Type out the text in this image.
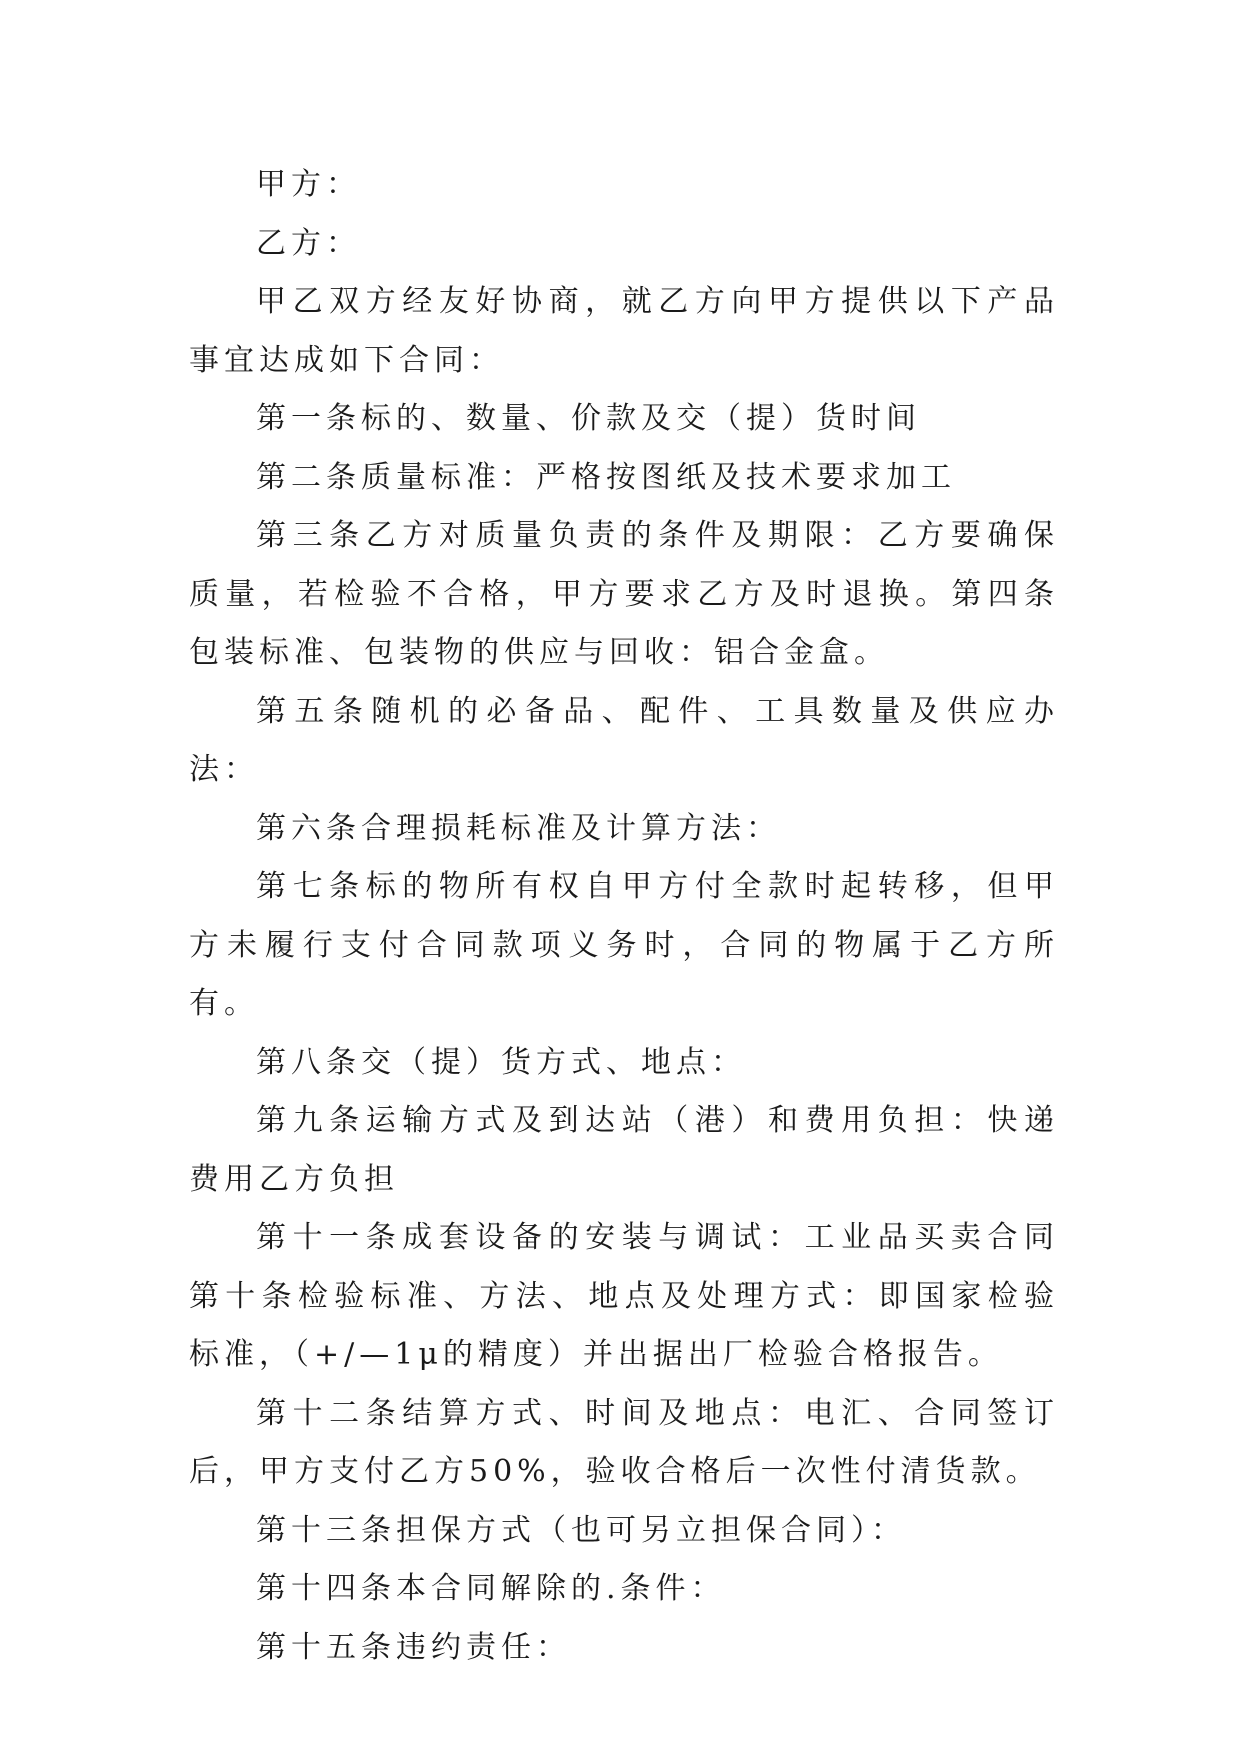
甲方：

乙方：

甲乙双方经友好协商，就乙方向甲方提供以下产品事宜达成如下合同：

第一条标的、数量、价款及交（提）货时间

第二条质量标准：严格按图纸及技术要求加工

第三条乙方对质量负责的条件及期限：乙方要确保质量，若检验不合格，甲方要求乙方及时退换。第四条包装标准、包装物的供应与回收：铝合金盒。

第五条随机的必备品、配件、工具数量及供应办法：

第六条合理损耗标准及计算方法：

第七条标的物所有权自甲方付全款时起转移，但甲方未履行支付合同款项义务时，合同的物属于乙方所有。

第八条交（提）货方式、地点：

第九条运输方式及到达站（港）和费用负担：快递费用乙方负担

第十一条成套设备的安装与调试：工业品买卖合同第十条检验标准、方法、地点及处理方式：即国家检验标准，（+/—1μ的精度）并出据出厂检验合格报告。

第十二条结算方式、时间及地点：电汇、合同签订后，甲方支付乙方50%，验收合格后一次性付清货款。

第十三条担保方式（也可另立担保合同）：

第十四条本合同解除的.条件：

第十五条违约责任：
